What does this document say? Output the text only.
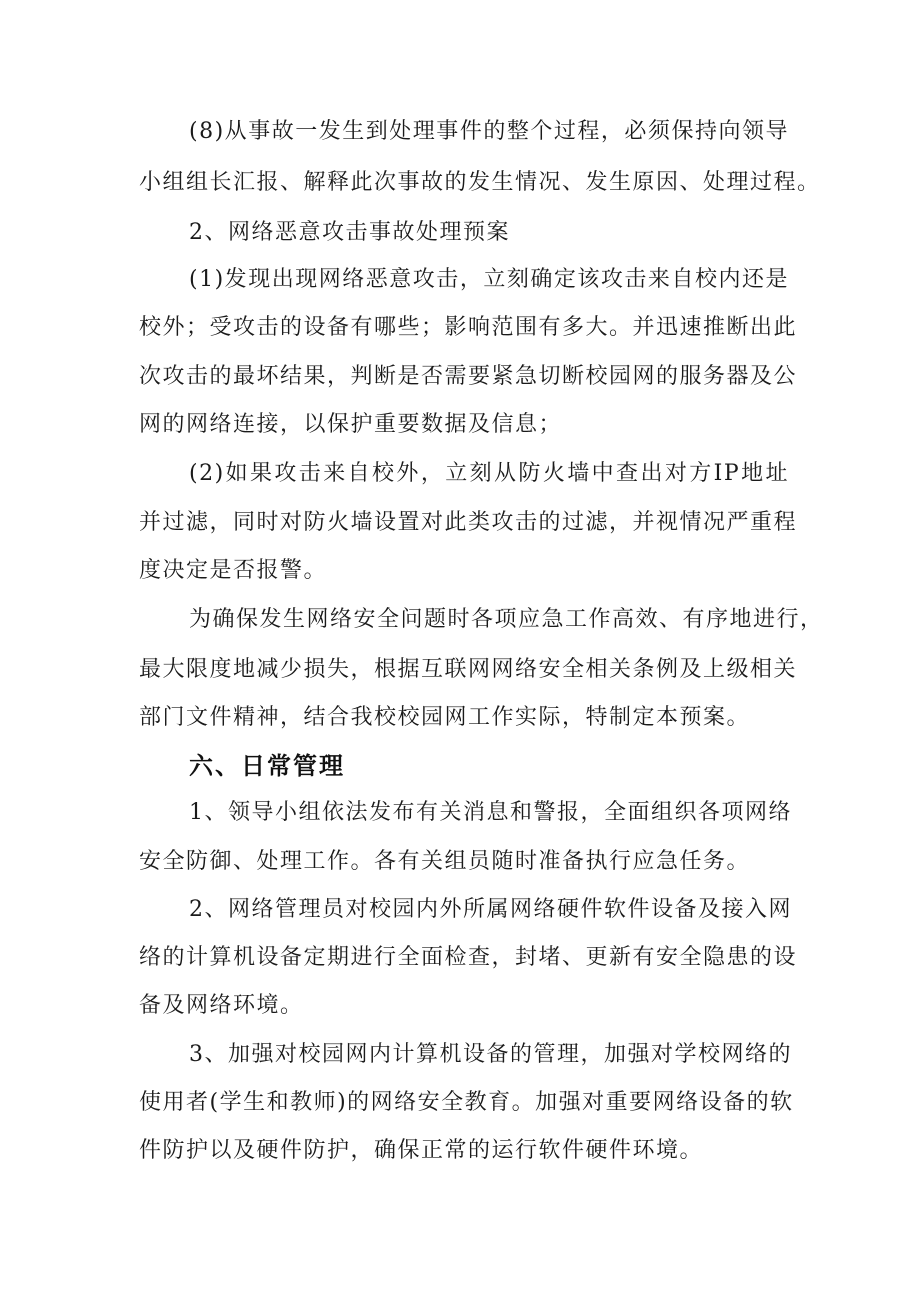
(8)从事故一发生到处理事件的整个过程，必须保持向领导
小组组长汇报、解释此次事故的发生情况、发生原因、处理过程。
2、网络恶意攻击事故处理预案
(1)发现出现网络恶意攻击，立刻确定该攻击来自校内还是
校外；受攻击的设备有哪些；影响范围有多大。并迅速推断出此
次攻击的最坏结果，判断是否需要紧急切断校园网的服务器及公
网的网络连接，以保护重要数据及信息；
(2)如果攻击来自校外，立刻从防火墙中查出对方IP地址
并过滤，同时对防火墙设置对此类攻击的过滤，并视情况严重程
度决定是否报警。
为确保发生网络安全问题时各项应急工作高效、有序地进行，
最大限度地减少损失，根据互联网网络安全相关条例及上级相关
部门文件精神，结合我校校园网工作实际，特制定本预案。
六、日常管理
1、领导小组依法发布有关消息和警报，全面组织各项网络
安全防御、处理工作。各有关组员随时准备执行应急任务。
2、网络管理员对校园内外所属网络硬件软件设备及接入网
络的计算机设备定期进行全面检查，封堵、更新有安全隐患的设
备及网络环境。
3、加强对校园网内计算机设备的管理，加强对学校网络的
使用者(学生和教师)的网络安全教育。加强对重要网络设备的软
件防护以及硬件防护，确保正常的运行软件硬件环境。
